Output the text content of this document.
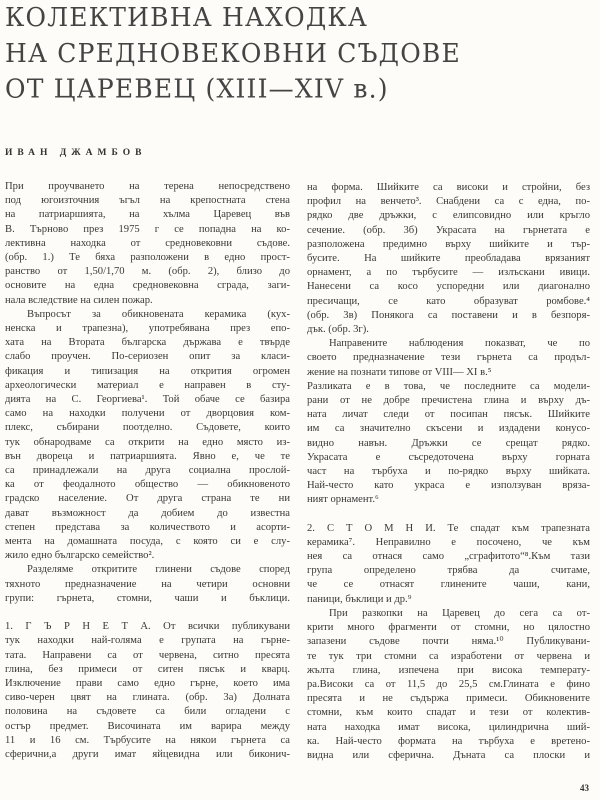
КОЛЕКТИВНА НАХОДКА
НА СРЕДНОВЕКОВНИ СЪДОВЕ
ОТ ЦАРЕВЕЦ (XIII—XIV в.)
ИВАН ДЖАМБОВ

При проучването на терена непосредствено

под югоизточния ъгъл на крепостната стена

на патриаршията, на хълма Царевец във

В. Търново през 1975 г се попадна на ко-

лективна находка от средновековни съдове.

(обр. 1.) Те бяха разположени в едно прост-

ранство от 1,50/1,70 м. (обр. 2), близо до

основите на една средновековна сграда, заги-

нала вследствие на силен пожар.

Въпросът за обикновената керамика (кух-

ненска и трапезна), употребявана през епо-

хата на Втората българска държава е твърде

слабо проучен. По-сериозен опит за класи-

фикация и типизация на открития огромен

археологически материал е направен в сту-

дията на С. Георгиева¹. Той обаче се базира

само на находки получени от дворцовия ком-

плекс, събирани поотделно. Съдовете, които

тук обнародваме са открити на едно място из-

вън двореца и патриаршията. Явно е, че те

са принадлежали на друга социална прослой-

ка от феодалното общество — обикновеното

градско население. От друга страна те ни

дават възможност да добием до известна

степен представа за количеството и асорти-

мента на домашната посуда, с която си е слу-

жило едно българско семейство².

Разделяме откритите глинени съдове според

тяхното предназначение на четири основни

групи: гърнета, стомни, чаши и бъклици.

1. Г Ъ Р Н Е Т А. От всички публикувани

тук находки най-голяма е групата на гърне-

тата. Направени са от червена, ситно пресята

глина, без примеси от ситен пясък и кварц.

Изключение прави само едно гърне, което има

сиво-черен цвят на глината. (обр. 3а) Долната

половина на съдовете са били огладени с

остър предмет. Височината им варира между

11 и 16 см. Търбусите на някои гърнета са

сферични,а други имат яйцевидна или биконич-

на форма. Шийките са високи и стройни, без

профил на венчето³. Снабдени са с една, по-

рядко две дръжки, с елипсовидно или кръгло

сечение. (обр. 3б) Украсата на гърнетата е

разположена предимно върху шийките и тър-

бусите. На шийките преобладава врязаният

орнамент, а по търбусите — излъскани ивици.

Нанесени са косо успоредни или диагонално

пресичащи, се като образуват ромбове.⁴

(обр. 3в) Понякога са поставени и в безпоря-

дък. (обр. 3г).

Направените наблюдения показват, че по

своето предназначение тези гърнета са продъл-

жение на познати типове от VIII— XI в.⁵

Разликата е в това, че последните са модели-

рани от не добре пречистена глина и върху дъ-

ната личат следи от посипан пясък. Шийките

им са значително скъсени и издадени конусо-

видно навън. Дръжки се срещат рядко.

Украсата е съсредоточена върху горната

част на търбуха и по-рядко върху шийката.

Най-често като украса е използуван вряза-

ният орнамент.⁶

2. С Т О М Н И. Те спадат към трапезната

керамика⁷. Неправилно е посочено, че към

нея са отнася само „сграфитото“⁸.Към тази

група определено трябва да считаме,

че се отнасят глинените чаши, кани,

паници, бъклици и др.⁹

При разкопки на Царевец до сега са от-

крити много фрагменти от стомни, но цялостно

запазени съдове почти няма.¹⁰ Публикувани-

те тук три стомни са изработени от червена и

жълта глина, изпечена при висока температу-

ра.Високи са от 11,5 до 25,5 см.Глината е фино

пресята и не съдържа примеси. Обикновените

стомни, към които спадат и тези от колектив-

ната находка имат висока, цилиндрична ший-

ка. Най-често формата на търбуха е вретено-

видна или сферична. Дъната са плоски и

43
